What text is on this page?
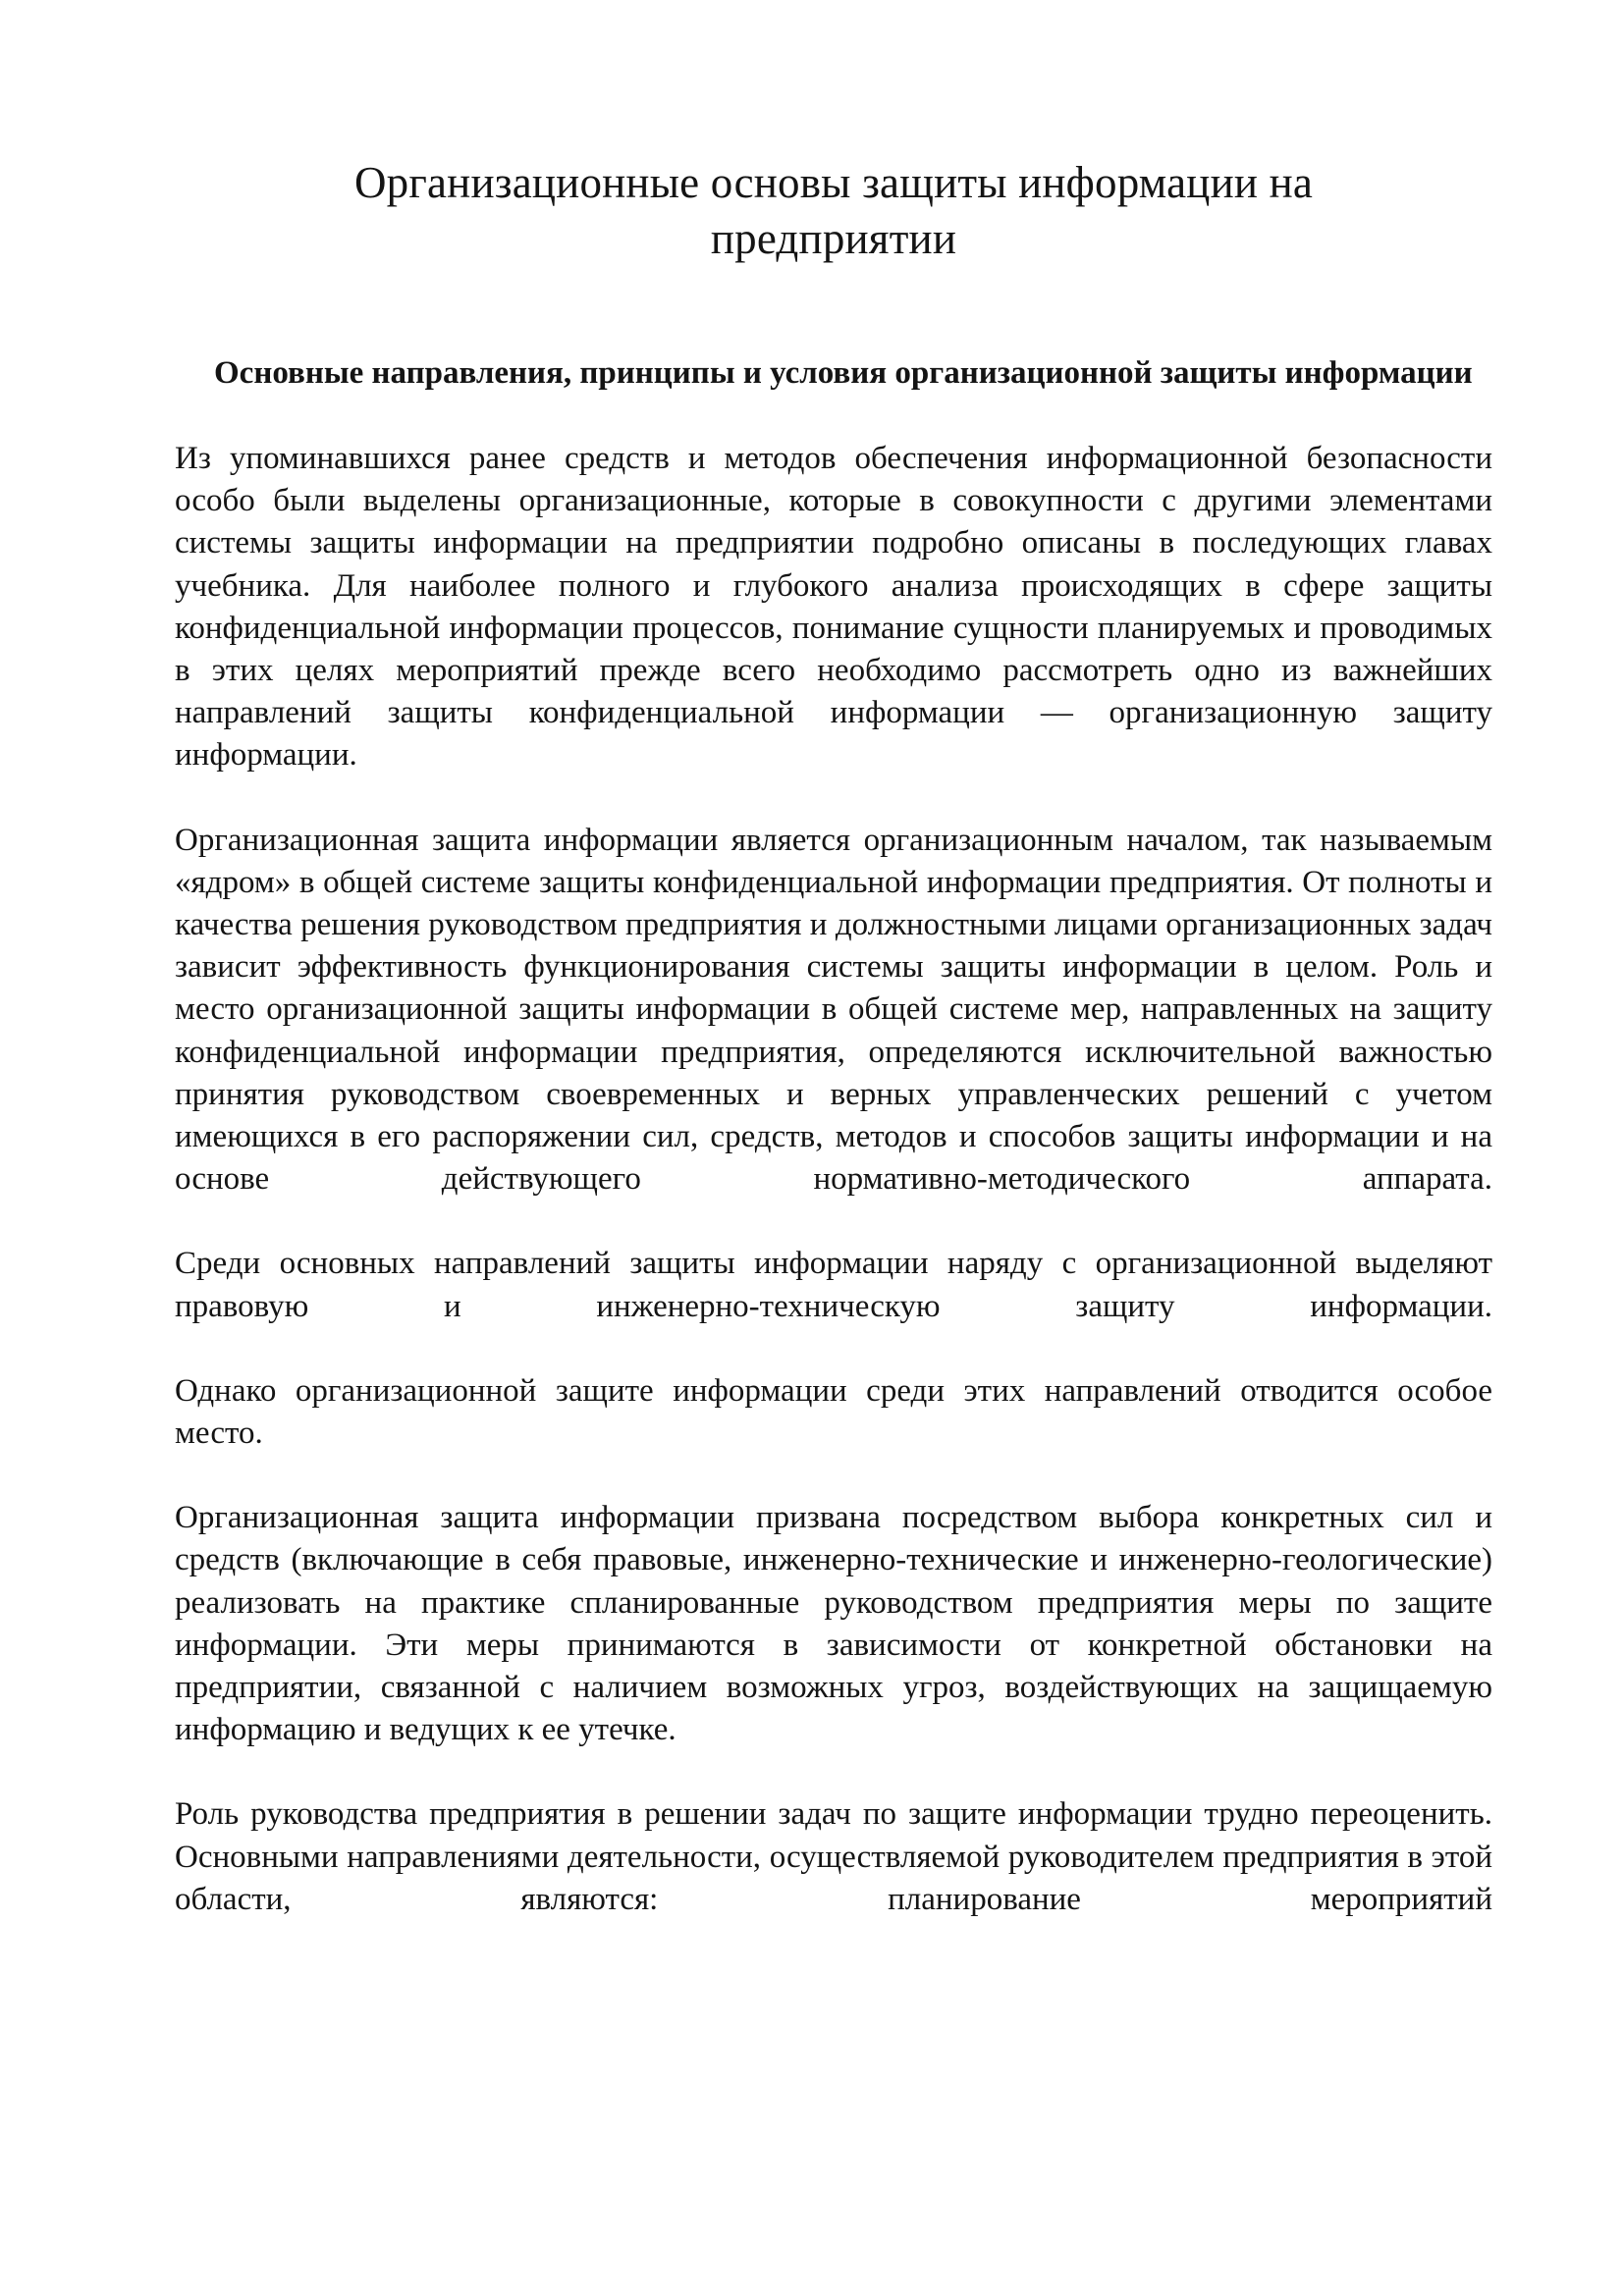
Организационные основы защиты информации на
предприятии
Основные направления, принципы и условия организационной защиты информации

Из упоминавшихся ранее средств и методов обеспечения информационной безопасности особо были выделены организационные, которые в совокупности с другими элементами системы защиты информации на предприятии подробно описаны в последующих главах учебника. Для наиболее полного и глубокого анализа происходящих в сфере защиты конфиденциальной информации процессов, понимание сущности планируемых и проводимых в этих целях мероприятий прежде всего необходимо рассмотреть одно из важнейших направлений защиты конфиденциальной информации — организационную защиту информации.

Организационная защита информации является организационным началом, так называемым «ядром» в общей системе защиты конфиденциальной информации предприятия. От полноты и качества решения руководством предприятия и должностными лицами организационных задач зависит эффективность функционирования системы защиты информации в целом. Роль и место организационной защиты информации в общей системе мер, направленных на защиту конфиденциальной информации предприятия, определяются исключительной важностью принятия руководством своевременных и верных управленческих решений с учетом имеющихся в его распоряжении сил, средств, методов и способов защиты информации и на основе действующего нормативно-методического аппарата.

Среди основных направлений защиты информации наряду с организационной выделяют правовую и инженерно-техническую защиту информации.

Однако организационной защите информации среди этих направлений отводится особое место.

Организационная защита информации призвана посредством выбора конкретных сил и средств (включающие в себя правовые, инженерно-технические и инженерно-геологические) реализовать на практике спланированные руководством предприятия меры по защите информации. Эти меры принимаются в зависимости от конкретной обстановки на предприятии, связанной с наличием возможных угроз, воздействующих на защищаемую информацию и ведущих к ее утечке.

Роль руководства предприятия в решении задач по защите информации трудно переоценить. Основными направлениями деятельности, осуществляемой руководителем предприятия в этой области, являются: планирование мероприятий
